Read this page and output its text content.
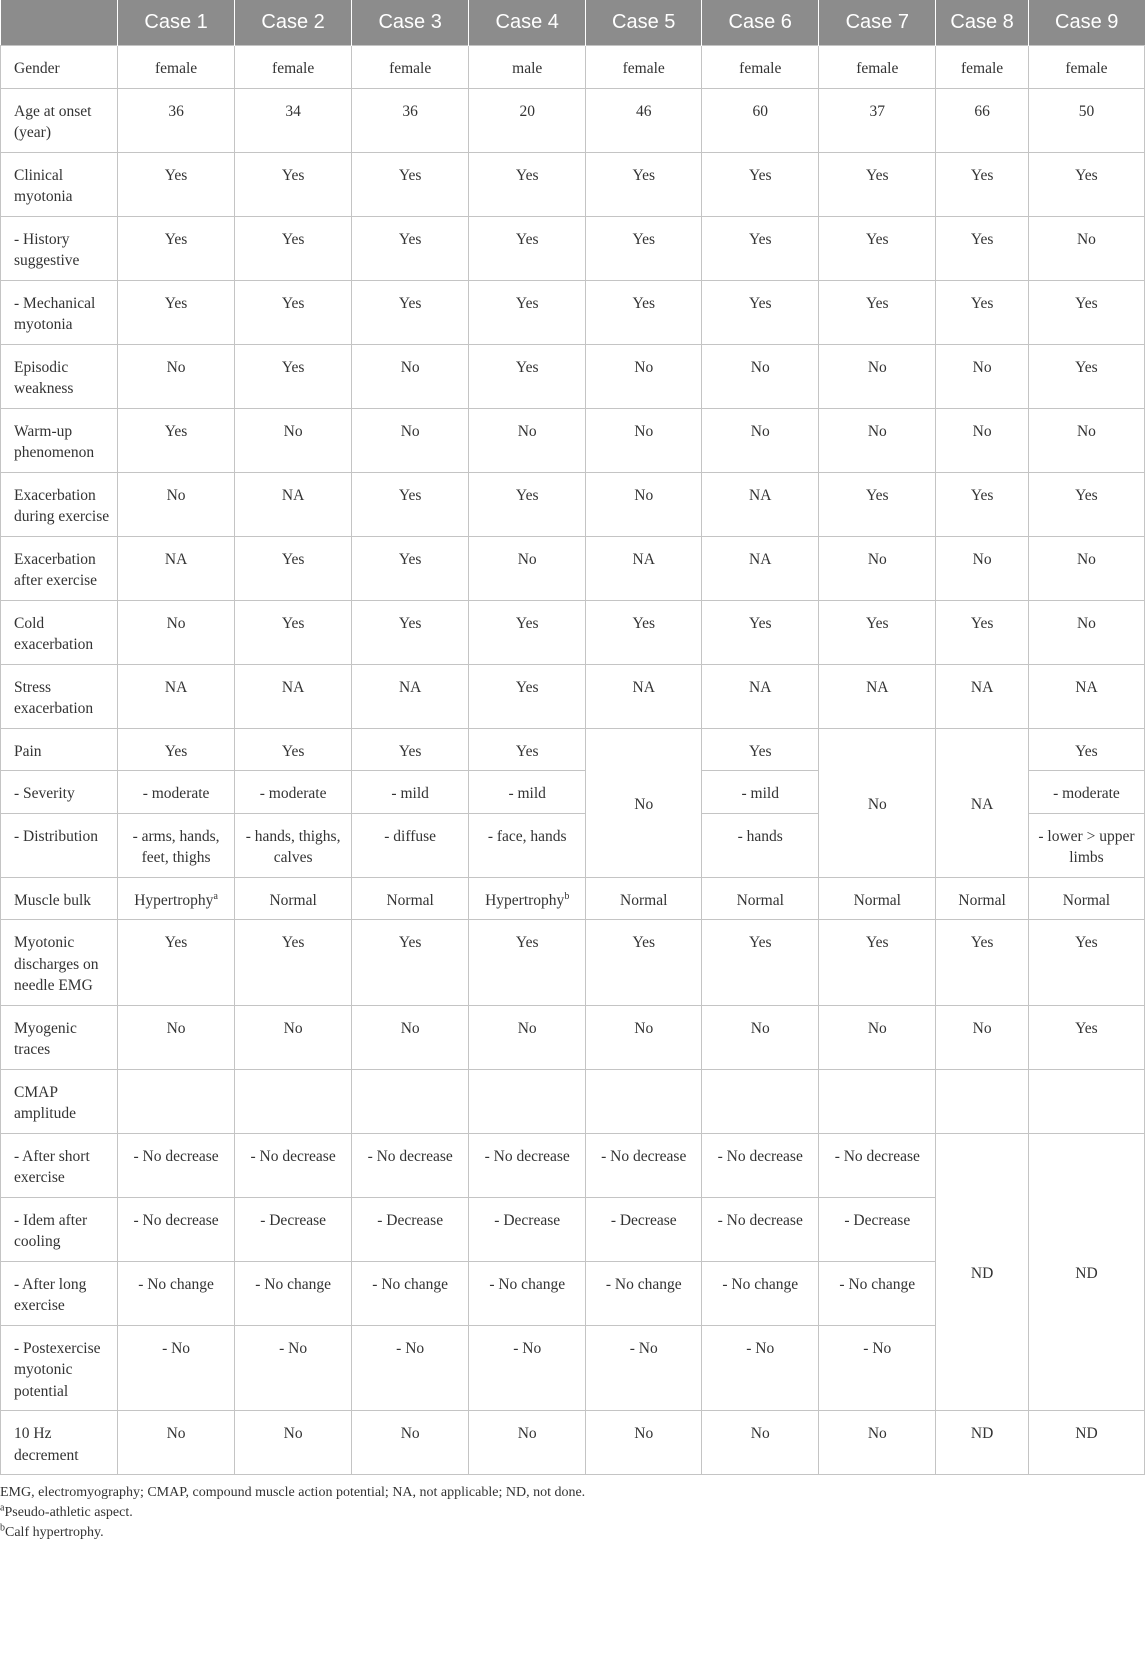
	Case 1	Case 2	Case 3	Case 4	Case 5	Case 6	Case 7	Case 8	Case 9
Gender	female	female	female	male	female	female	female	female	female
Age at onset (year)	36	34	36	20	46	60	37	66	50
Clinical myotonia	Yes	Yes	Yes	Yes	Yes	Yes	Yes	Yes	Yes
- History suggestive	Yes	Yes	Yes	Yes	Yes	Yes	Yes	Yes	No
- Mechanical myotonia	Yes	Yes	Yes	Yes	Yes	Yes	Yes	Yes	Yes
Episodic weakness	No	Yes	No	Yes	No	No	No	No	Yes
Warm-up phenomenon	Yes	No	No	No	No	No	No	No	No
Exacerbation during exercise	No	NA	Yes	Yes	No	NA	Yes	Yes	Yes
Exacerbation after exercise	NA	Yes	Yes	No	NA	NA	No	No	No
Cold exacerbation	No	Yes	Yes	Yes	Yes	Yes	Yes	Yes	No
Stress exacerbation	NA	NA	NA	Yes	NA	NA	NA	NA	NA
Pain	Yes	Yes	Yes	Yes	No	Yes	No	NA	Yes
- Severity	- moderate	- moderate	- mild	- mild		- mild			- moderate
- Distribution	- arms, hands, feet, thighs	- hands, thighs, calves	- diffuse	- face, hands		- hands			- lower > upper limbs
Muscle bulk	Hypertrophy$^a$	Normal	Normal	Hypertrophy$^b$	Normal	Normal	Normal	Normal	Normal
Myotonic discharges on needle EMG	Yes	Yes	Yes	Yes	Yes	Yes	Yes	Yes	Yes
Myogenic traces	No	No	No	No	No	No	No	No	Yes
CMAP amplitude									
- After short exercise	- No decrease	- No decrease	- No decrease	- No decrease	- No decrease	- No decrease	- No decrease	ND	ND
- Idem after cooling	- No decrease	- Decrease	- Decrease	- Decrease	- Decrease	- No decrease	- Decrease		
- After long exercise	- No change	- No change	- No change	- No change	- No change	- No change	- No change		
- Postexercise myotonic potential	- No	- No	- No	- No	- No	- No	- No		
10 Hz decrement	No	No	No	No	No	No	No	ND	ND

EMG, electromyography; CMAP, compound muscle action potential; NA, not applicable; ND, not done.

$^a$Pseudo-athletic aspect.

$^b$Calf hypertrophy.
